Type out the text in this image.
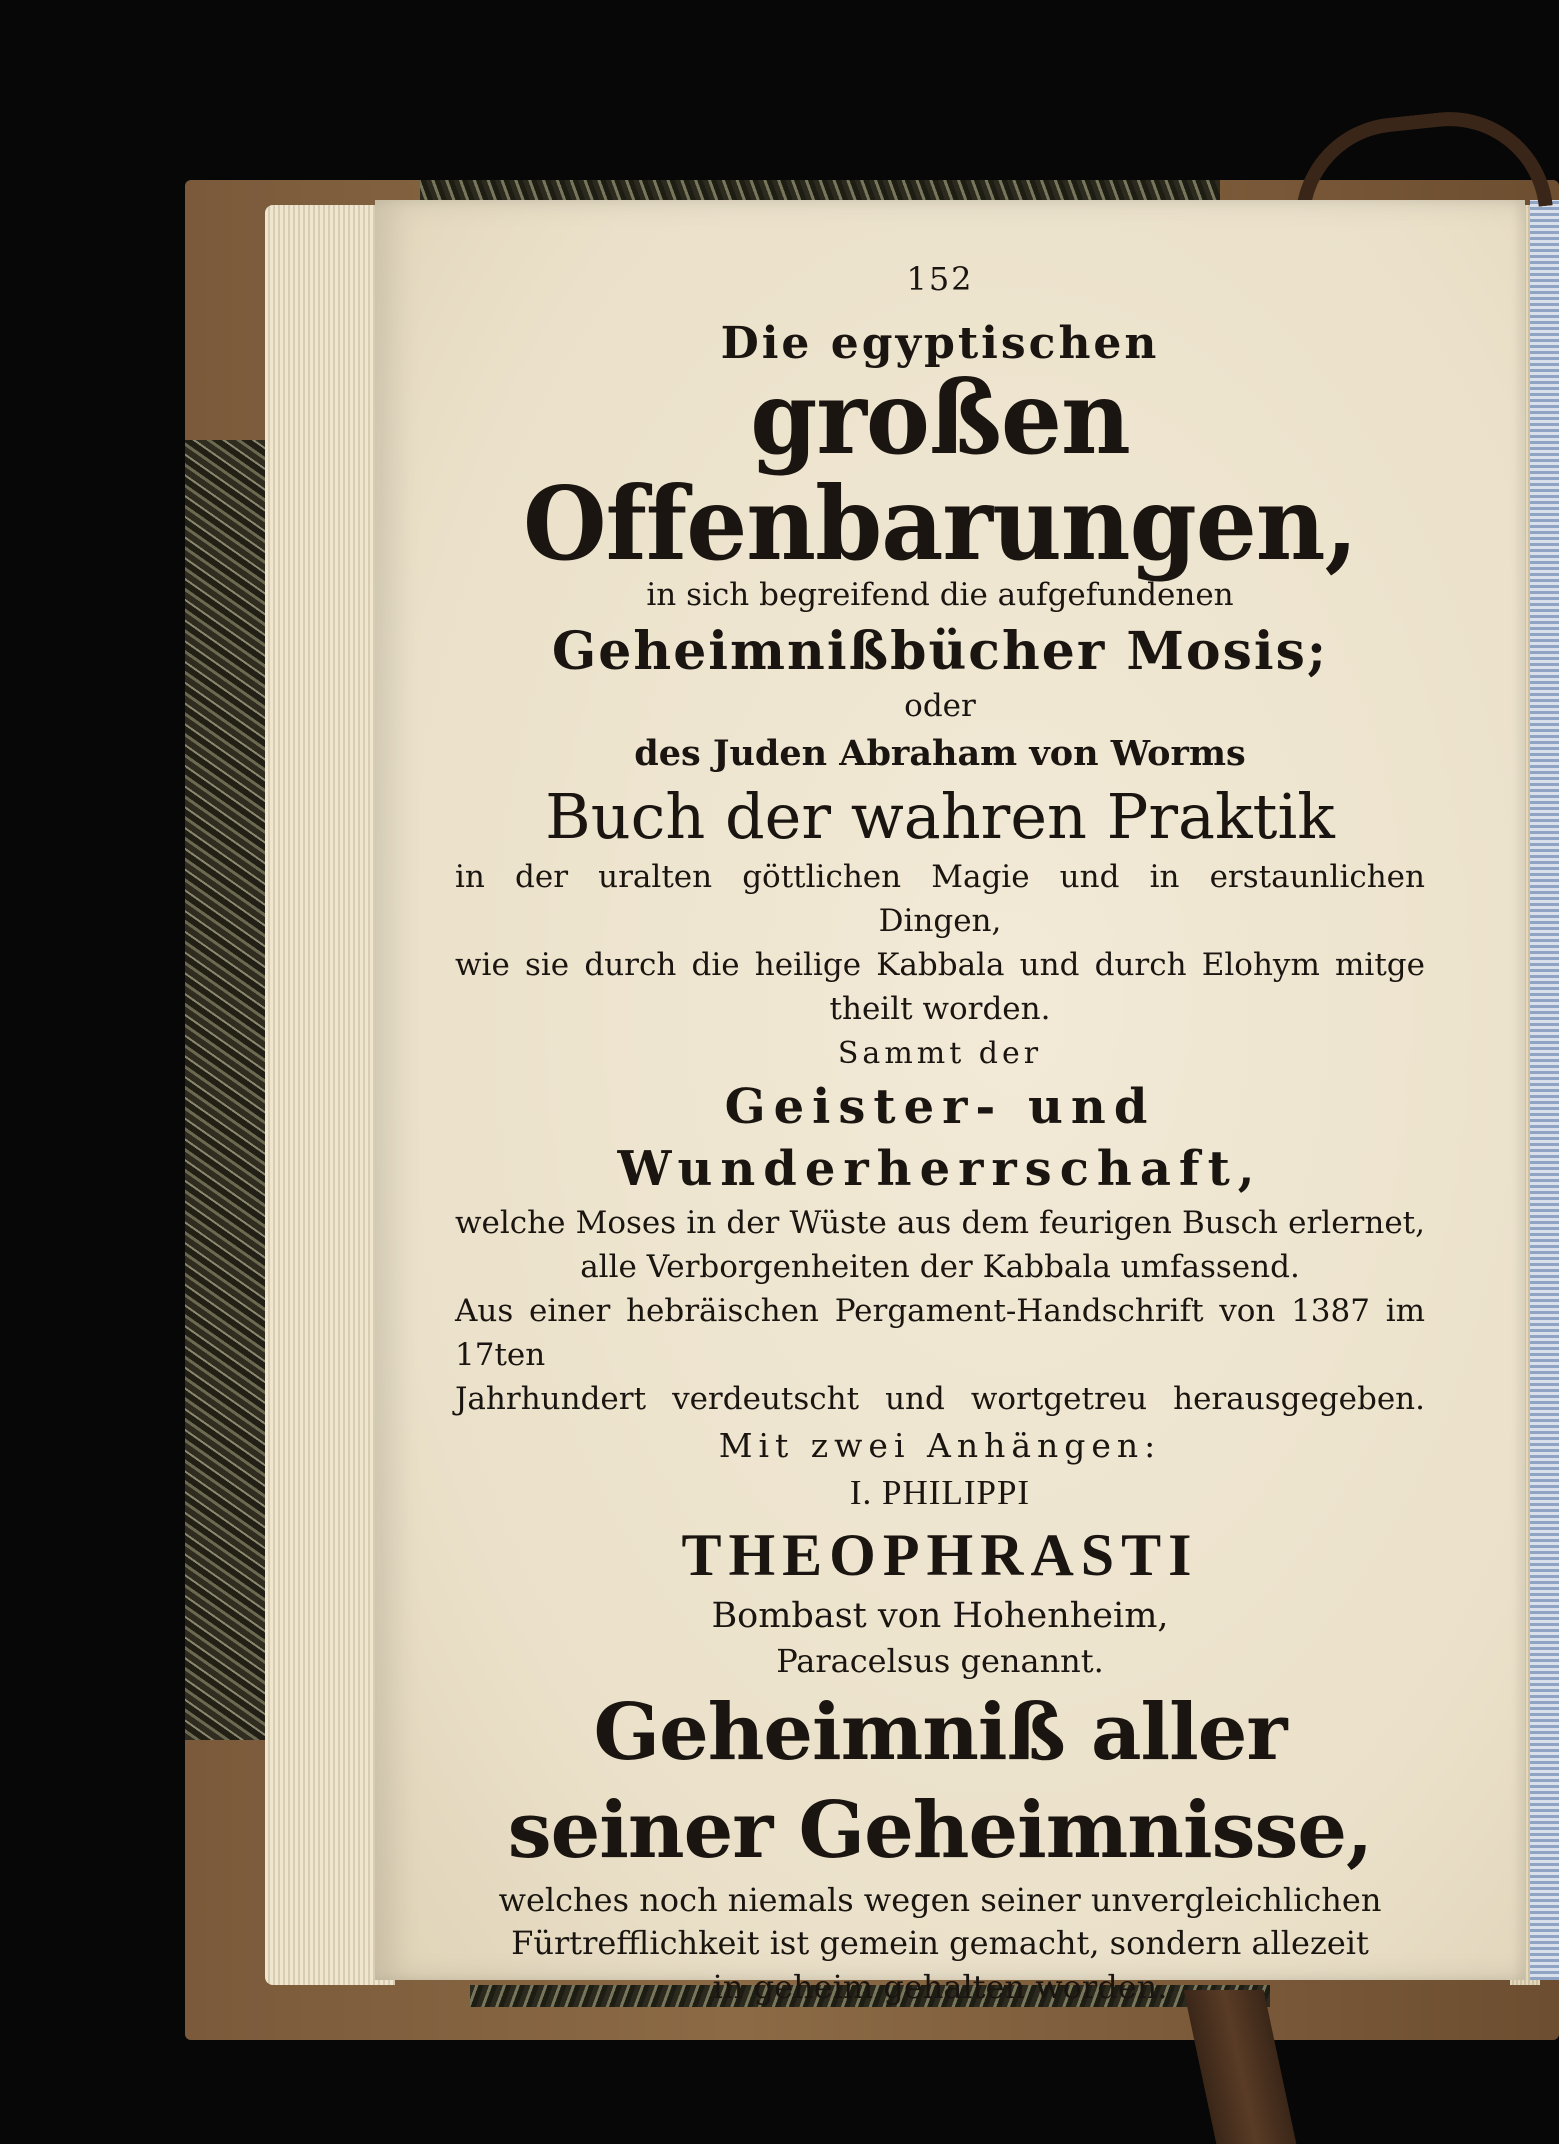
152
Die egyptischen
großen Offenbarungen,
in sich begreifend die aufgefundenen
Geheimnißbücher Mosis;
oder
des Juden Abraham von Worms
Buch der wahren Praktik
in der uralten göttlichen Magie und in erstaunlichen
Dingen,
wie sie durch die heilige Kabbala und durch Elohym mitge
theilt worden.
Sammt der
Geister- und Wunderherrschaft,
welche Moses in der Wüste aus dem feurigen Busch erlernet,
alle Verborgenheiten der Kabbala umfassend.
Aus einer hebräischen Pergament-Handschrift von 1387 im 17ten
Jahrhundert verdeutscht und wortgetreu herausgegeben.
Mit zwei Anhängen:
I. PHILIPPI
THEOPHRASTI
Bombast von Hohenheim,
Paracelsus genannt.
Geheimniß aller seiner Geheimnisse,
welches noch niemals wegen seiner unvergleichlichen
Fürtrefflichkeit ist gemein gemacht, sondern allezeit
in geheim gehalten worden.
